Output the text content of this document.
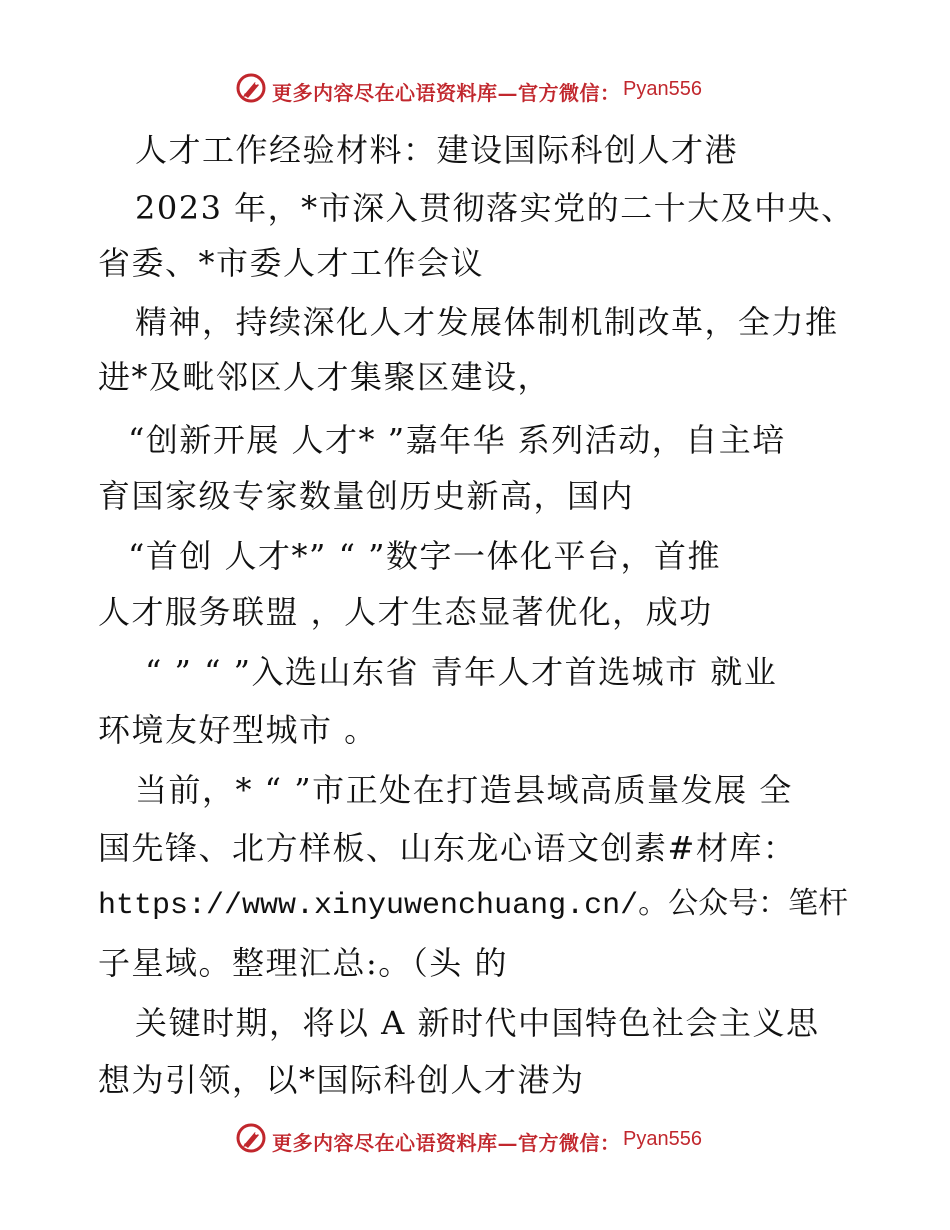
更多内容尽在心语资料库—官方微信： Pyan556

人才工作经验材料：建设国际科创人才港

2023 年，*市深入贯彻落实党的二十大及中央、

省委、*市委人才工作会议

精神，持续深化人才发展体制机制改革，全力推

进*及毗邻区人才集聚区建设，

“创新开展 人才* ”嘉年华 系列活动，自主培

育国家级专家数量创历史新高，国内

“首创 人才*” “ ”数字一体化平台，首推

人才服务联盟 ，人才生态显著优化，成功

“ ” “ ”入选山东省 青年人才首选城市 就业

环境友好型城市 。

当前，* “ ”市正处在打造县域高质量发展 全

国先锋、北方样板、山东龙心语文创素#材库：

https://www.xinyuwenchuang.cn/。公众号：笔杆

子星域。整理汇总:。（头 的

关键时期，将以 A 新时代中国特色社会主义思

想为引领，以*国际科创人才港为

更多内容尽在心语资料库—官方微信： Pyan556
